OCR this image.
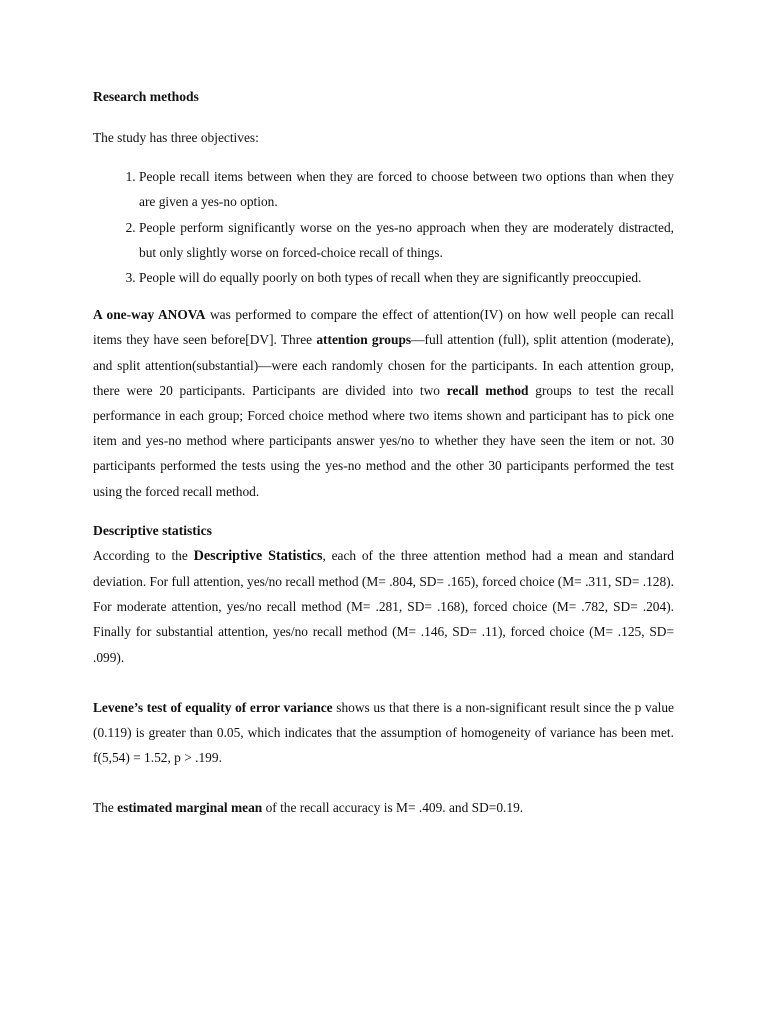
Research methods

The study has three objectives:

1. People recall items between when they are forced to choose between two options than when they are given a yes-no option.
2. People perform significantly worse on the yes-no approach when they are moderately distracted, but only slightly worse on forced-choice recall of things.
3. People will do equally poorly on both types of recall when they are significantly preoccupied.

A one-way ANOVA was performed to compare the effect of attention(IV) on how well people can recall items they have seen before[DV]. Three attention groups—full attention (full), split attention (moderate), and split attention(substantial)—were each randomly chosen for the participants. In each attention group, there were 20 participants. Participants are divided into two recall method groups to test the recall performance in each group; Forced choice method where two items shown and participant has to pick one item and yes-no method where participants answer yes/no to whether they have seen the item or not. 30 participants performed the tests using the yes-no method and the other 30 participants performed the test using the forced recall method.

Descriptive statistics

According to the Descriptive Statistics, each of the three attention method had a mean and standard deviation. For full attention, yes/no recall method (M= .804, SD= .165), forced choice (M= .311, SD= .128). For moderate attention, yes/no recall method (M= .281, SD= .168), forced choice (M= .782, SD= .204). Finally for substantial attention, yes/no recall method (M= .146, SD= .11), forced choice (M= .125, SD= .099).

Levene’s test of equality of error variance shows us that there is a non-significant result since the p value (0.119) is greater than 0.05, which indicates that the assumption of homogeneity of variance has been met. f(5,54) = 1.52, p > .199.

The estimated marginal mean of the recall accuracy is M= .409. and SD=0.19.
